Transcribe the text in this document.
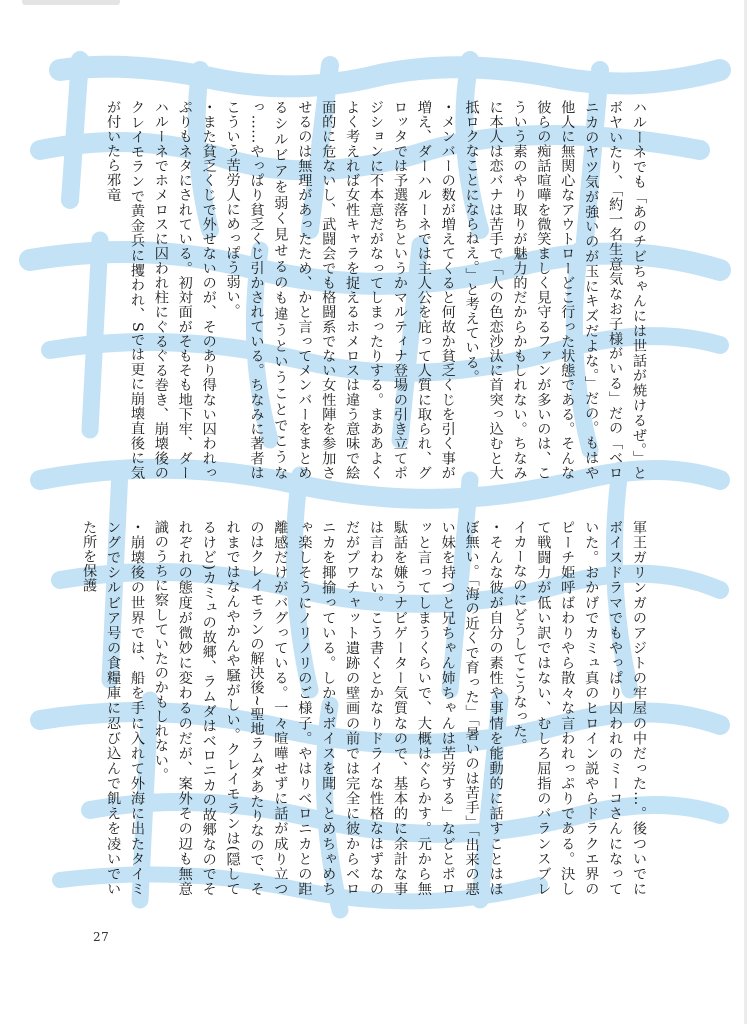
ハルーネでも「あのチビちゃんには世話が焼けるぜ。」とボヤいたり、「約一名生意気なお子様がいる」だの「ベロニカのヤツ気が強いのが玉にキズだよな。」だの。もはや他人に無関心なアウトローどこ行った状態である。そんな彼らの痴話喧嘩を微笑ましく見守るファンが多いのは、こういう素のやり取りが魅力的だからかもしれない。ちなみに本人は恋バナは苦手で「人の色恋沙汰に首突っ込むと大抵ロクなことにならねえ。」と考えている。

・メンバーの数が増えてくると何故か貧乏くじを引く事が増え、ダーハルーネでは主人公を庇って人質に取られ、グロッタでは予選落ちというかマルティナ登場の引き立てポジションに不本意だがなってしまったりする。まああよくよく考えれば女性キャラを捉えるホメロスは違う意味で絵面的に危ないし、武闘会でも格闘系でない女性陣を参加させるのは無理があったため、かと言ってメンバーをまとめるシルビアを弱く見せるのも違うということでこうなっ……やっぱり貧乏くじ引かされている。ちなみに著者はこういう苦労人にめっぽう弱い。

・また貧乏くじで外せないのが、そのあり得ない囚われっぷりもネタにされている。初対面がそもそも地下牢、ダーハルーネでホメロスに囚われ柱にぐるぐる巻き、崩壊後のクレイモランで黄金兵に攫われ、Sでは更に崩壊直後に気が付いたら邪竜

軍王ガリンガのアジトの牢屋の中だった…。後ついでにボイスドラマでもやっぱり囚われのミーコさんになっていた。おかげでカミュ真のヒロイン説やらドラクエ界のピーチ姫呼ばわりやら散々な言われっぷりである。決して戦闘力が低い訳ではない、むしろ屈指のバランスブレイカーなのにどうしてこうなった。

・そんな彼が自分の素性や事情を能動的に話すことはほぼ無い。「海の近くで育った」「暑いのは苦手」「出来の悪い妹を持つと兄ちゃん姉ちゃんは苦労する」などとポロッと言ってしまうくらいで、大概はぐらかす。元から無駄話を嫌うナビゲーター気質なので、基本的に余計な事は言わない。こう書くとかなりドライな性格なはずなのだがプワチャット遺跡の壁画の前では完全に彼からベロニカを揶揄っている。しかもボイスを聞くとめちゃめちゃ楽しそうにノリノリのご様子。やはりベロニカとの距離感だけがバグっている。一々喧嘩せずに話が成り立つのはクレイモランの解決後~聖地ラムダあたりなので、それまではなんやかんや騒がしい。クレイモランは(隠してるけど)カミュの故郷、ラムダはベロニカの故郷なのでそれぞれの態度が微妙に変わるのだが、案外その辺も無意識のうちに察していたのかもしれない。

・崩壊後の世界では、船を手に入れて外海に出たタイミングでシルビア号の食糧庫に忍び込んで飢えを凌いでいた所を保護

27
